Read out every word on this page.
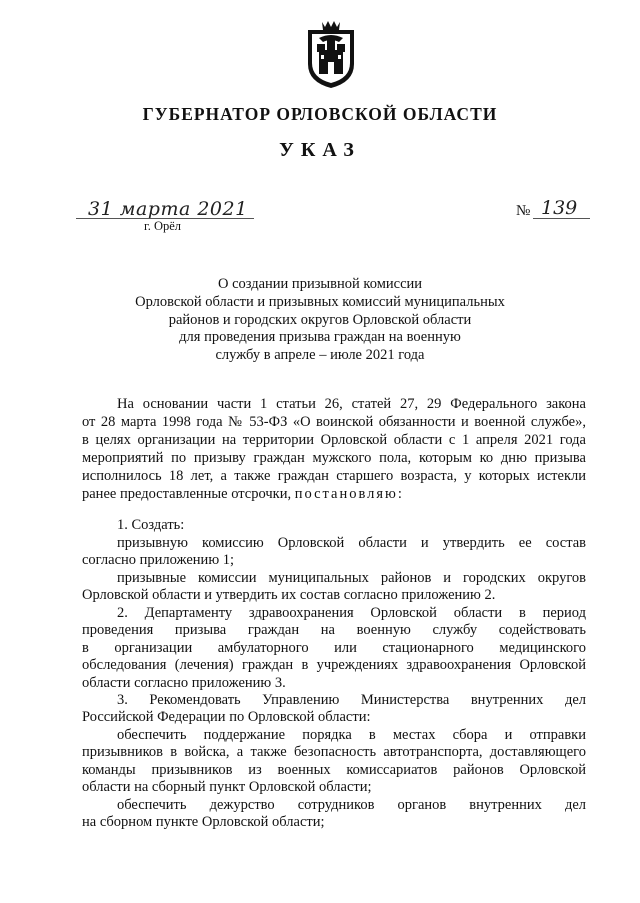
ГУБЕРНАТОР ОРЛОВСКОЙ ОБЛАСТИ
УКАЗ
31 марта 2021
г. Орёл
№ 139
О создании призывной комиссии
Орловской области и призывных комиссий муниципальных
районов и городских округов Орловской области
для проведения призыва граждан на военную
службу в апреле – июле 2021 года
На основании части 1 статьи 26, статей 27, 29 Федерального закона
от 28 марта 1998 года № 53-ФЗ «О воинской обязанности и военной службе»,
в целях организации на территории Орловской области с 1 апреля 2021 года
мероприятий по призыву граждан мужского пола, которым ко дню призыва
исполнилось 18 лет, а также граждан старшего возраста, у которых истекли
ранее предоставленные отсрочки, постановляю:
1. Создать:
призывную комиссию Орловской области и утвердить ее состав
согласно приложению 1;
призывные комиссии муниципальных районов и городских округов
Орловской области и утвердить их состав согласно приложению 2.
2. Департаменту здравоохранения Орловской области в период
проведения призыва граждан на военную службу содействовать
в организации амбулаторного или стационарного медицинского
обследования (лечения) граждан в учреждениях здравоохранения Орловской
области согласно приложению 3.
3. Рекомендовать Управлению Министерства внутренних дел
Российской Федерации по Орловской области:
обеспечить поддержание порядка в местах сбора и отправки
призывников в войска, а также безопасность автотранспорта, доставляющего
команды призывников из военных комиссариатов районов Орловской
области на сборный пункт Орловской области;
обеспечить дежурство сотрудников органов внутренних дел
на сборном пункте Орловской области;
